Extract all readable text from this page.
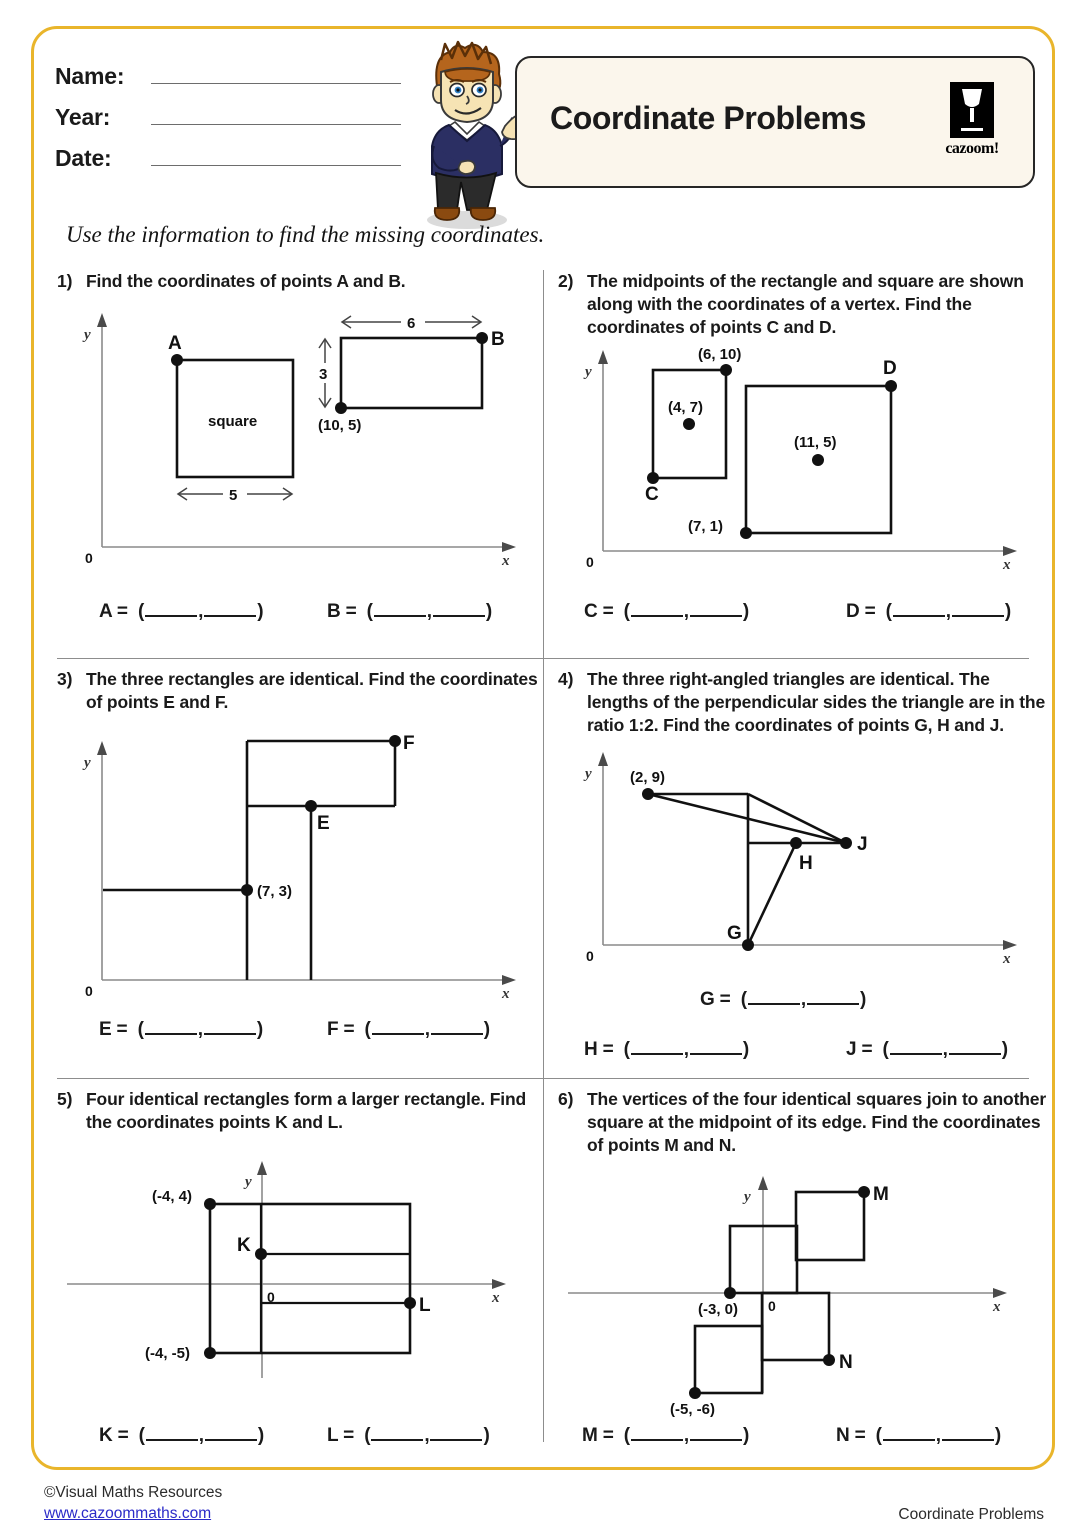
Name:
Year:
Date:
Coordinate Problems
cazoom!
Use the information to find the missing coordinates.
1) Find the coordinates of points A and B.
y
x
0
A
square
5
B
(10, 5)
6
3
A =  (	,	)	B =  (	,	)
2) The midpoints of the rectangle and square are shown along with the coordinates of a vertex. Find the coordinates of points C and D.
y
x
0
(6, 10)
(4, 7)
C
D
(11, 5)
(7, 1)
C =  (	,	)	D =  (	,	)
3) The three rectangles are identical. Find the coordinates of points E and F.
y
x
0
F
E
(7, 3)
E =  (	,	)	F =  (	,	)
4) The three right-angled triangles are identical. The lengths of the perpendicular sides the triangle are in the ratio 1:2. Find the coordinates of points G, H and J.
y
x
0
(2, 9)
J
H
G
G =  (	,	)
H =  (	,	)	J =  (	,	)
5) Four identical rectangles form a larger rectangle. Find the coordinates points K and L.
y
x
0
(-4, 4)
(-4, -5)
K
L
K =  (	,	)	L =  (	,	)
6) The vertices of the four identical squares join to another square at the midpoint of its edge. Find the coordinates of points M and N.
y
x
0
M
(-3, 0)
N
(-5, -6)
M =  (	,	)	N =  (	,	)
©Visual Maths Resources
www.cazoommaths.com	Coordinate Problems
